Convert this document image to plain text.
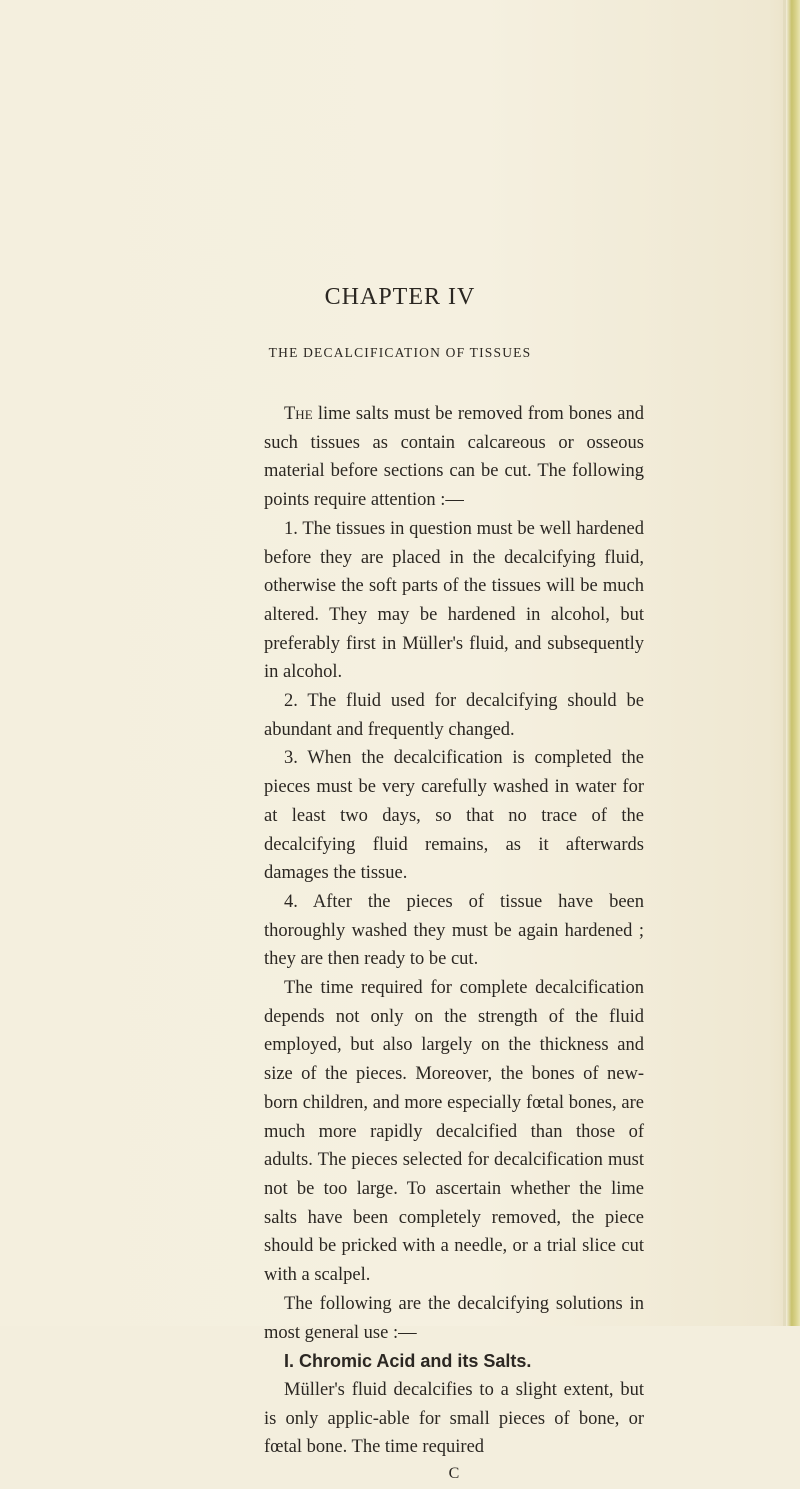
CHAPTER IV
THE DECALCIFICATION OF TISSUES

The lime salts must be removed from bones and such tissues as contain calcareous or osseous material before sections can be cut. The following points require attention :—

1. The tissues in question must be well hardened before they are placed in the decalcifying fluid, otherwise the soft parts of the tissues will be much altered. They may be hardened in alcohol, but preferably first in Müller's fluid, and subsequently in alcohol.

2. The fluid used for decalcifying should be abundant and frequently changed.

3. When the decalcification is completed the pieces must be very carefully washed in water for at least two days, so that no trace of the decalcifying fluid remains, as it afterwards damages the tissue.

4. After the pieces of tissue have been thoroughly washed they must be again hardened ; they are then ready to be cut.

The time required for complete decalcification depends not only on the strength of the fluid employed, but also largely on the thickness and size of the pieces. Moreover, the bones of new-born children, and more especially fœtal bones, are much more rapidly decalcified than those of adults. The pieces selected for decalcification must not be too large. To ascertain whether the lime salts have been completely removed, the piece should be pricked with a needle, or a trial slice cut with a scalpel.

The following are the decalcifying solutions in most general use :—

I. Chromic Acid and its Salts.

Müller's fluid decalcifies to a slight extent, but is only applic-able for small pieces of bone, or fœtal bone. The time required

C
